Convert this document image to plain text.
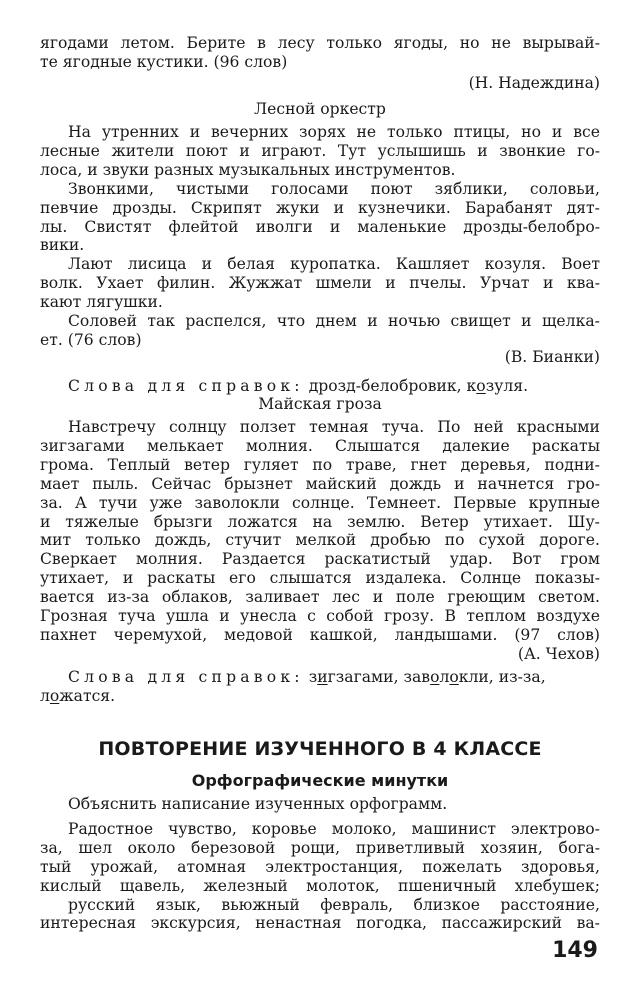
ягодами летом. Берите в лесу только ягоды, но не вырывай-
те ягодные кустики. (96 слов)
(Н. Надеждина)
Лесной оркестр
На утренних и вечерних зорях не только птицы, но и все
лесные жители поют и играют. Тут услышишь и звонкие го-
лоса, и звуки разных музыкальных инструментов.
Звонкими, чистыми голосами поют зяблики, соловьи,
певчие дрозды. Скрипят жуки и кузнечики. Барабанят дят-
лы. Свистят флейтой иволги и маленькие дрозды-белобро-
вики.
Лают лисица и белая куропатка. Кашляет козуля. Воет
волк. Ухает филин. Жужжат шмели и пчелы. Урчат и ква-
кают лягушки.
Соловей так распелся, что днем и ночью свищет и щелка-
ет. (76 слов)
(В. Бианки)
Слова для справок: дрозд-белобровик, козуля.
Майская гроза
Навстречу солнцу ползет темная туча. По ней красными
зигзагами мелькает молния. Слышатся далекие раскаты
грома. Теплый ветер гуляет по траве, гнет деревья, подни-
мает пыль. Сейчас брызнет майский дождь и начнется гро-
за. А тучи уже заволокли солнце. Темнеет. Первые крупные
и тяжелые брызги ложатся на землю. Ветер утихает. Шу-
мит только дождь, стучит мелкой дробью по сухой дороге.
Сверкает молния. Раздается раскатистый удар. Вот гром
утихает, и раскаты его слышатся издалека. Солнце показы-
вается из-за облаков, заливает лес и поле греющим светом.
Грозная туча ушла и унесла с собой грозу. В теплом воздухе
пахнет черемухой, медовой кашкой, ландышами. (97 слов)
(А. Чехов)
Слова для справок: зигзагами, заволокли, из-за,
ложатся.
ПОВТОРЕНИЕ ИЗУЧЕННОГО В 4 КЛАССЕ
Орфографические минутки
Объяснить написание изученных орфограмм.
Радостное чувство, коровье молоко, машинист электрово-
за, шел около березовой рощи, приветливый хозяин, бога-
тый урожай, атомная электростанция, пожелать здоровья,
кислый щавель, железный молоток, пшеничный хлебушек;
русский язык, вьюжный февраль, близкое расстояние,
интересная экскурсия, ненастная погодка, пассажирский ва-
149
